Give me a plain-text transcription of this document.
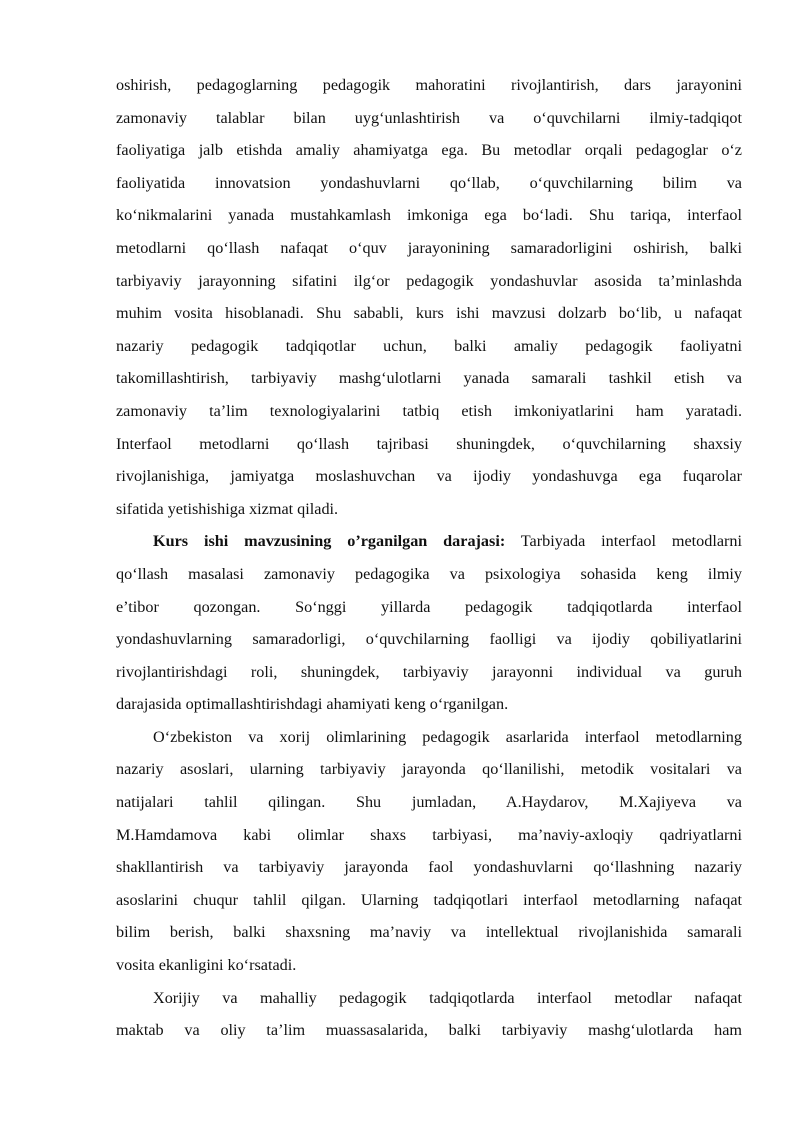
oshirish, pedagoglarning pedagogik mahoratini rivojlantirish, dars jarayonini
zamonaviy talablar bilan uyg‘unlashtirish va o‘quvchilarni ilmiy-tadqiqot
faoliyatiga jalb etishda amaliy ahamiyatga ega. Bu metodlar orqali pedagoglar o‘z
faoliyatida innovatsion yondashuvlarni qo‘llab, o‘quvchilarning bilim va
ko‘nikmalarini yanada mustahkamlash imkoniga ega bo‘ladi. Shu tariqa, interfaol
metodlarni qo‘llash nafaqat o‘quv jarayonining samaradorligini oshirish, balki
tarbiyaviy jarayonning sifatini ilg‘or pedagogik yondashuvlar asosida ta’minlashda
muhim vosita hisoblanadi. Shu sababli, kurs ishi mavzusi dolzarb bo‘lib, u nafaqat
nazariy pedagogik tadqiqotlar uchun, balki amaliy pedagogik faoliyatni
takomillashtirish, tarbiyaviy mashg‘ulotlarni yanada samarali tashkil etish va
zamonaviy ta’lim texnologiyalarini tatbiq etish imkoniyatlarini ham yaratadi.
Interfaol metodlarni qo‘llash tajribasi shuningdek, o‘quvchilarning shaxsiy
rivojlanishiga, jamiyatga moslashuvchan va ijodiy yondashuvga ega fuqarolar
sifatida yetishishiga xizmat qiladi.
Kurs ishi mavzusining o’rganilgan darajasi: Tarbiyada interfaol metodlarni
qo‘llash masalasi zamonaviy pedagogika va psixologiya sohasida keng ilmiy
e’tibor qozongan. So‘nggi yillarda pedagogik tadqiqotlarda interfaol
yondashuvlarning samaradorligi, o‘quvchilarning faolligi va ijodiy qobiliyatlarini
rivojlantirishdagi roli, shuningdek, tarbiyaviy jarayonni individual va guruh
darajasida optimallashtirishdagi ahamiyati keng o‘rganilgan.
O‘zbekiston va xorij olimlarining pedagogik asarlarida interfaol metodlarning
nazariy asoslari, ularning tarbiyaviy jarayonda qo‘llanilishi, metodik vositalari va
natijalari tahlil qilingan. Shu jumladan, A.Haydarov, M.Xajiyeva va
M.Hamdamova kabi olimlar shaxs tarbiyasi, ma’naviy-axloqiy qadriyatlarni
shakllantirish va tarbiyaviy jarayonda faol yondashuvlarni qo‘llashning nazariy
asoslarini chuqur tahlil qilgan. Ularning tadqiqotlari interfaol metodlarning nafaqat
bilim berish, balki shaxsning ma’naviy va intellektual rivojlanishida samarali
vosita ekanligini ko‘rsatadi.
Xorijiy va mahalliy pedagogik tadqiqotlarda interfaol metodlar nafaqat
maktab va oliy ta’lim muassasalarida, balki tarbiyaviy mashg‘ulotlarda ham
